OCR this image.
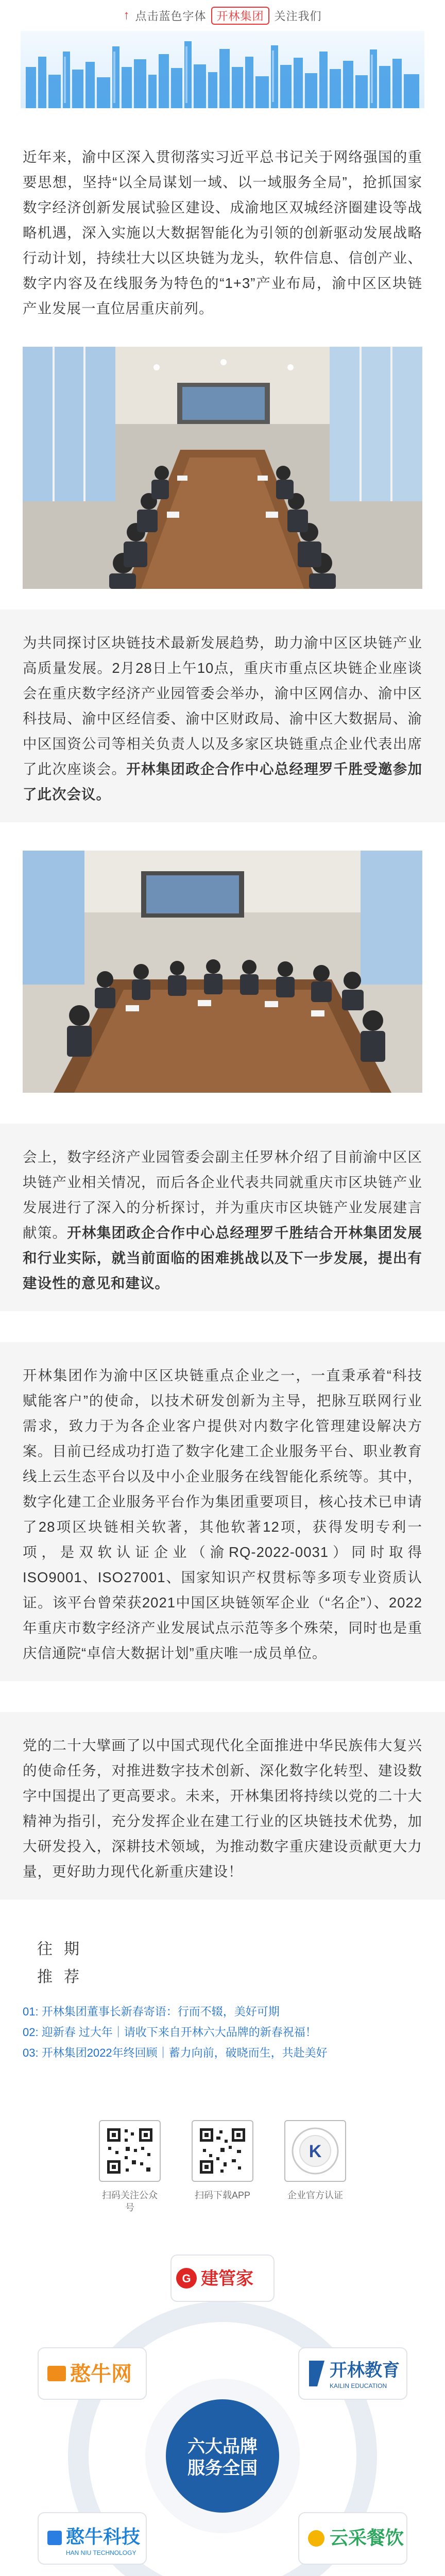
↑ 点击蓝色字体 开林集团 关注我们

近年来，渝中区深入贯彻落实习近平总书记关于网络强国的重要思想，坚持“以全局谋划一域、以一域服务全局”，抢抓国家数字经济创新发展试验区建设、成渝地区双城经济圈建设等战略机遇，深入实施以大数据智能化为引领的创新驱动发展战略行动计划，持续壮大以区块链为龙头，软件信息、信创产业、数字内容及在线服务为特色的“1+3”产业布局，渝中区区块链产业发展一直位居重庆前列。

为共同探讨区块链技术最新发展趋势，助力渝中区区块链产业高质量发展。2月28日上午10点，重庆市重点区块链企业座谈会在重庆数字经济产业园管委会举办，渝中区网信办、渝中区科技局、渝中区经信委、渝中区财政局、渝中区大数据局、渝中区国资公司等相关负责人以及多家区块链重点企业代表出席了此次座谈会。开林集团政企合作中心总经理罗千胜受邀参加了此次会议。

会上，数字经济产业园管委会副主任罗林介绍了目前渝中区区块链产业相关情况，而后各企业代表共同就重庆市区块链产业发展进行了深入的分析探讨，并为重庆市区块链产业发展建言献策。开林集团政企合作中心总经理罗千胜结合开林集团发展和行业实际，就当前面临的困难挑战以及下一步发展，提出有建设性的意见和建议。

开林集团作为渝中区区块链重点企业之一，一直秉承着“科技赋能客户”的使命，以技术研发创新为主导，把脉互联网行业需求，致力于为各企业客户提供对内数字化管理建设解决方案。目前已经成功打造了数字化建工企业服务平台、职业教育线上云生态平台以及中小企业服务在线智能化系统等。其中，数字化建工企业服务平台作为集团重要项目，核心技术已申请了28项区块链相关软著，其他软著12项，获得发明专利一项，是双软认证企业（渝RQ-2022-0031）同时取得ISO9001、ISO27001、国家知识产权贯标等多项专业资质认证。该平台曾荣获2021中国区块链领军企业（“名企”）、2022年重庆市数字经济产业发展试点示范等多个殊荣，同时也是重庆信通院“卓信大数据计划”重庆唯一成员单位。

党的二十大擘画了以中国式现代化全面推进中华民族伟大复兴的使命任务，对推进数字技术创新、深化数字化转型、建设数字中国提出了更高要求。未来，开林集团将持续以党的二十大精神为指引，充分发挥企业在建工行业的区块链技术优势，加大研发投入，深耕技术领域，为推动数字重庆建设贡献更大力量，更好助力现代化新重庆建设！

往期
推荐
01: 开林集团董事长新春寄语：行而不辍，美好可期
02: 迎新春 过大年｜请收下来自开林六大品牌的新春祝福！
03: 开林集团2022年终回顾｜蓄力向前，破晓而生，共赴美好
扫码关注公众号
扫码下载APP
K
企业官方认证
G
六大品牌
服务全国
建管家
憨牛网	开林教育
KAILIN EDUCATION
憨牛科技
HAN NIU TECHNOLOGY
云采餐饮
